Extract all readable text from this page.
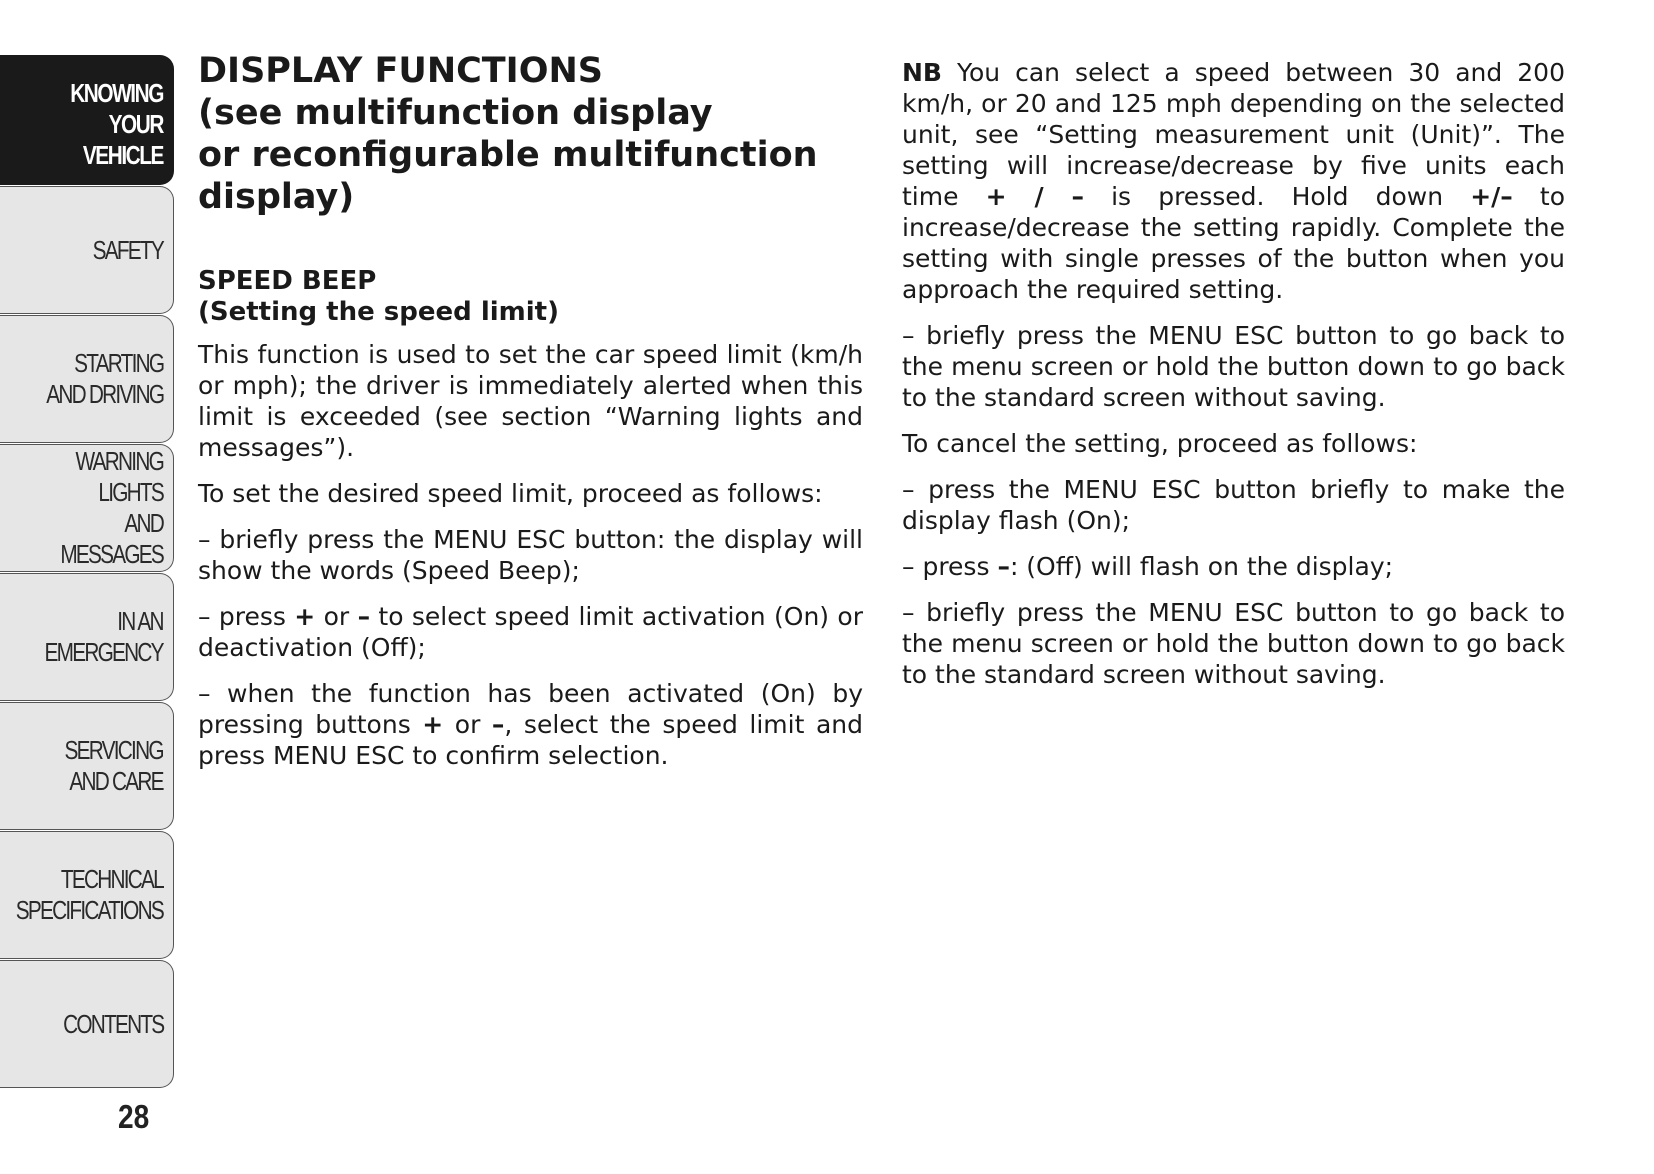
KNOWING
YOUR
VEHICLE
SAFETY
STARTING
AND DRIVING
WARNING LIGHTS
AND MESSAGES
IN AN
EMERGENCY
SERVICING
AND CARE
TECHNICAL
SPECIFICATIONS
CONTENTS
28
DISPLAY FUNCTIONS
(see multifunction display
or reconfigurable multifunction
display)
SPEED BEEP
(Setting the speed limit)

This function is used to set the car speed limit (km/h or mph); the driver is immediately alerted when this limit is exceeded (see section “Warning lights and messages”).

To set the desired speed limit, proceed as follows:

– briefly press the MENU ESC button: the display will show the words (Speed Beep);

– press + or – to select speed limit activation (On) or deactivation (Off);

– when the function has been activated (On) by pressing buttons + or –, select the speed limit and press MENU ESC to confirm selection.

NB You can select a speed between 30 and 200 km/h, or 20 and 125 mph depending on the selected unit, see “Setting measurement unit (Unit)”. The setting will increase/decrease by five units each time + / – is pressed. Hold down +/– to increase/decrease the setting rapidly. Complete the setting with single presses of the button when you approach the required setting.

– briefly press the MENU ESC button to go back to the menu screen or hold the button down to go back to the standard screen without saving.

To cancel the setting, proceed as follows:

– press the MENU ESC button briefly to make the display flash (On);

– press –: (Off) will flash on the display;

– briefly press the MENU ESC button to go back to the menu screen or hold the button down to go back to the standard screen without saving.
